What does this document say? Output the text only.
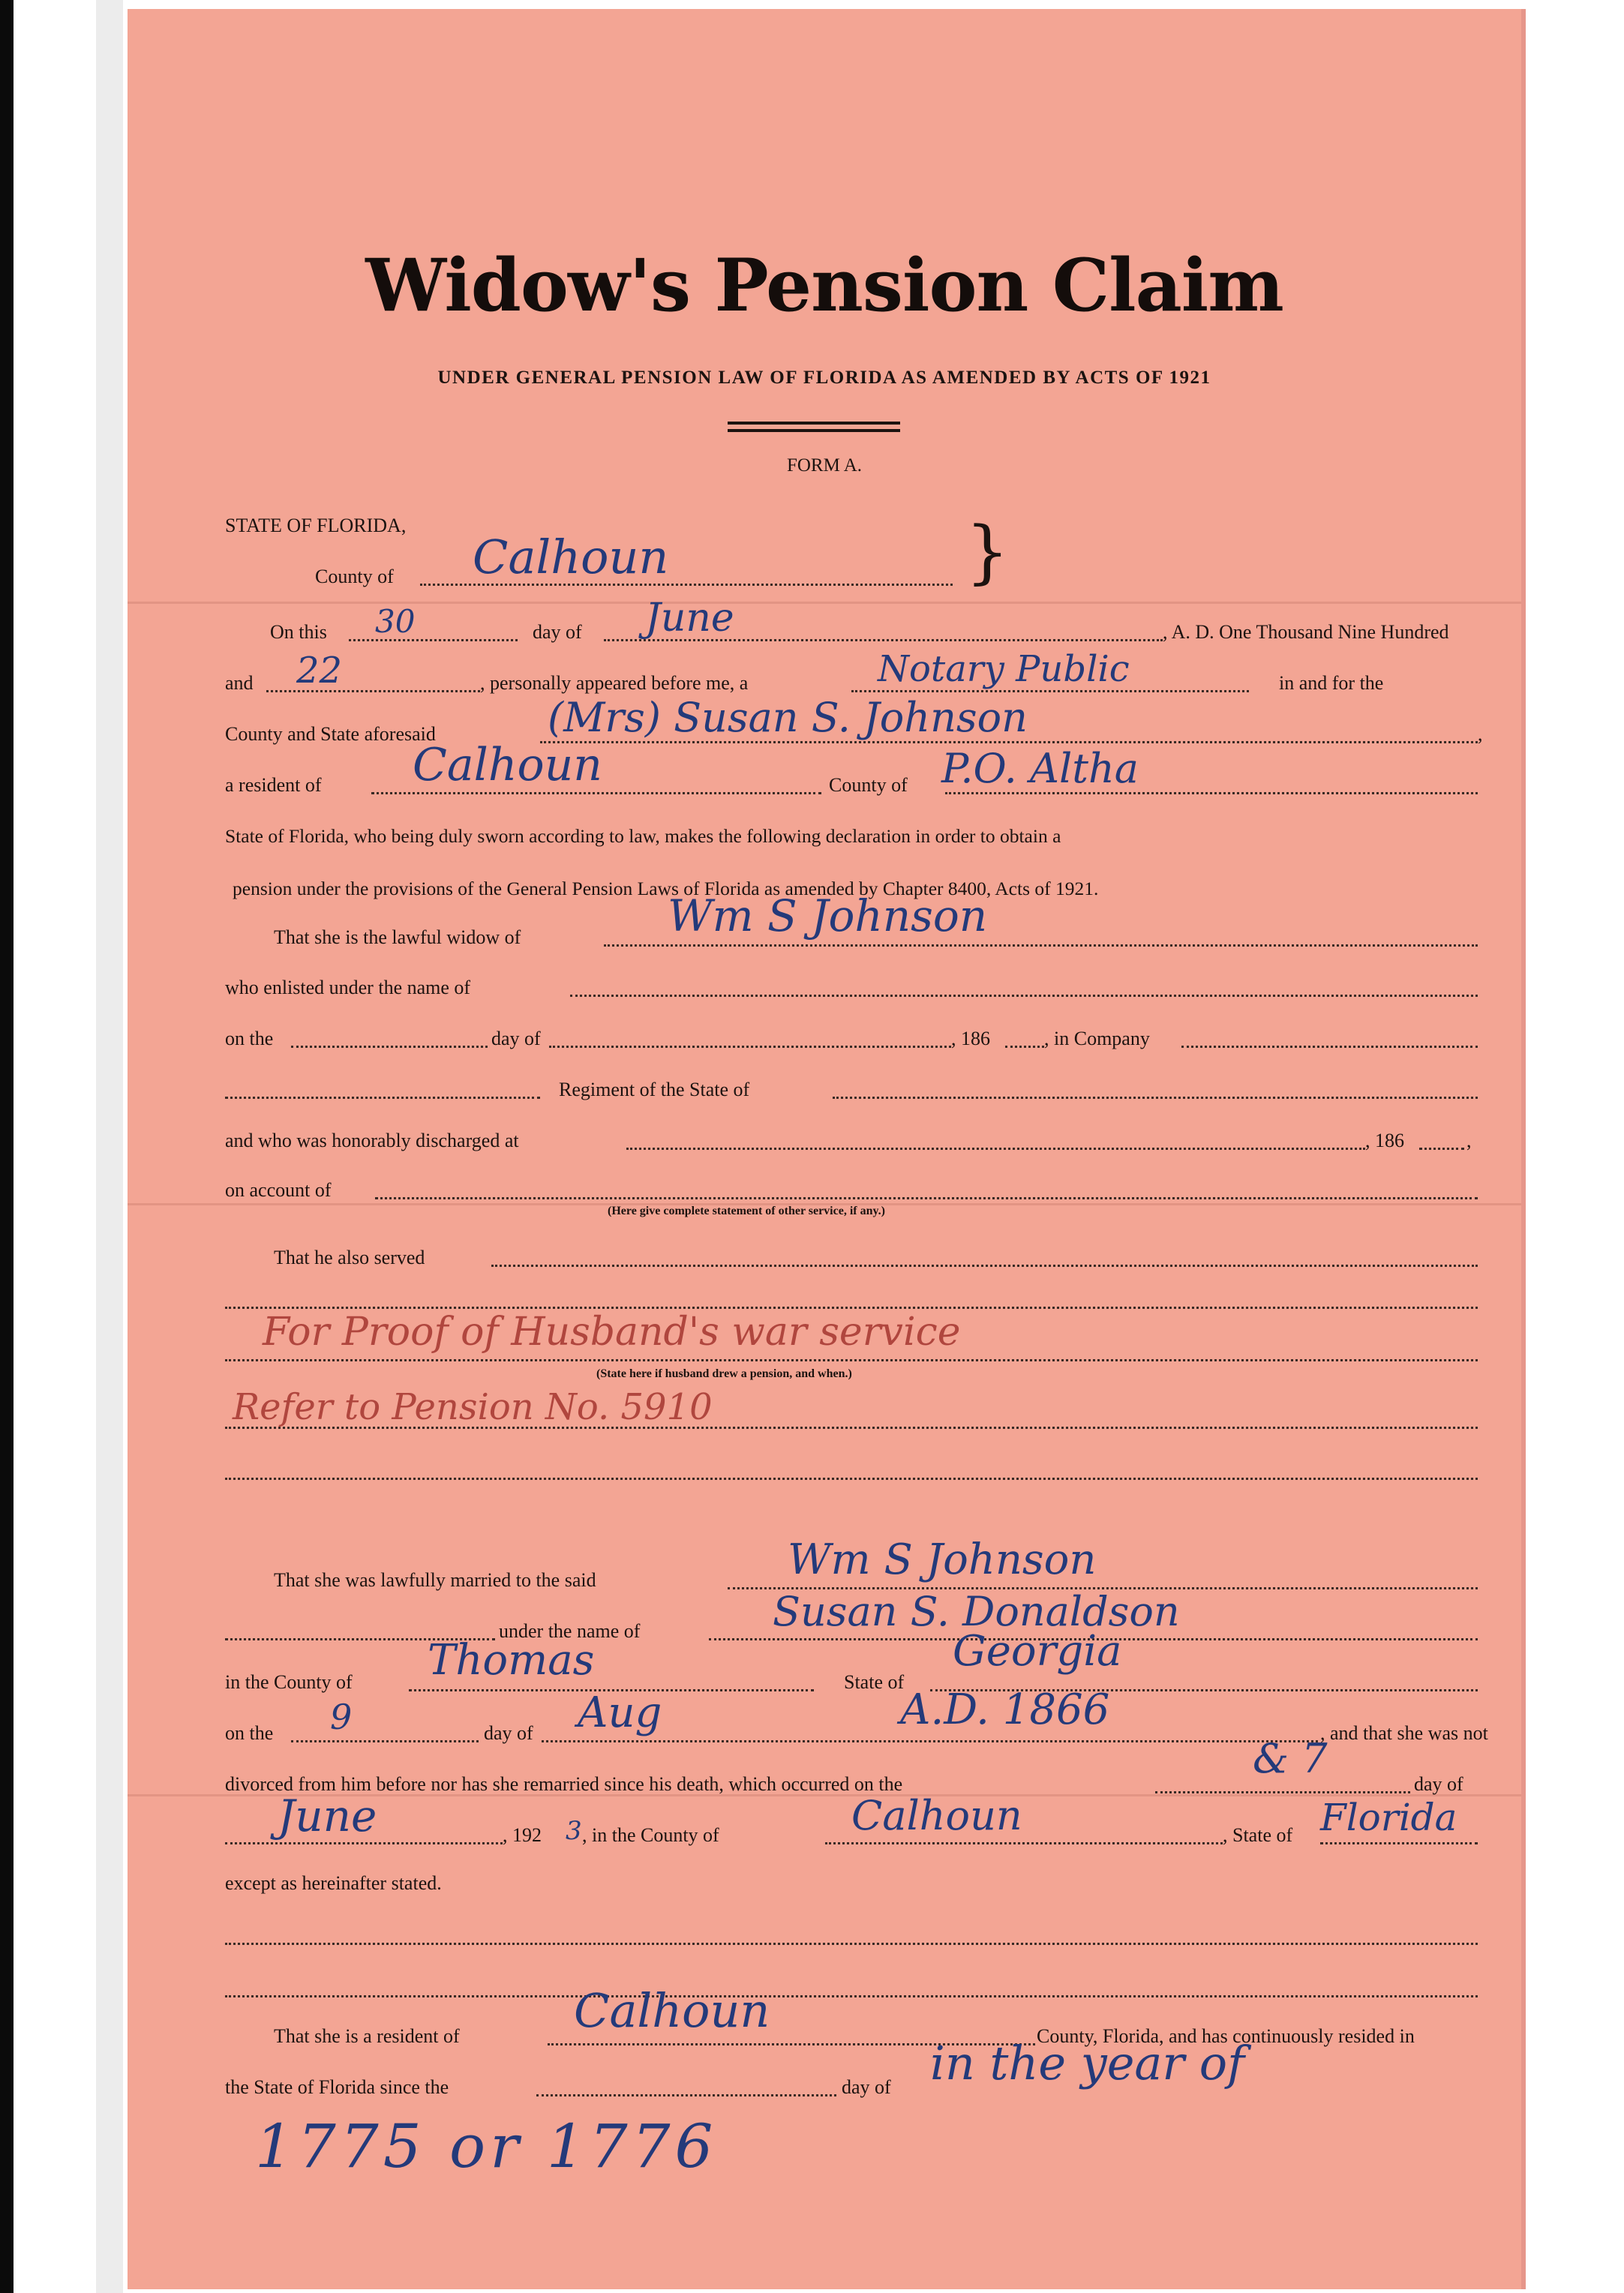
Widow's Pension Claim
UNDER GENERAL PENSION LAW OF FLORIDA AS AMENDED BY ACTS OF 1921
FORM A.
STATE OF FLORIDA,
County of Calhoun	}
On this 30	day of June	, A. D. One Thousand Nine Hundred
and 22	, personally appeared before me, a	Notary Public	in and for the
County and State aforesaid	(Mrs) Susan S. Johnson	,
a resident of Calhoun	County of P.O. Altha
State of Florida, who being duly sworn according to law, makes the following declaration in order to obtain a
pension under the provisions of the General Pension Laws of Florida as amended by Chapter 8400, Acts of 1921.
That she is the lawful widow of	Wm S Johnson
who enlisted under the name of
on the	day of	, 186	, in Company
Regiment of the State of
and who was honorably discharged at	, 186	,
on account of
(Here give complete statement of other service, if any.)
That he also served
For Proof of Husband's war service
(State here if husband drew a pension, and when.)
Refer to Pension No. 5910
That she was lawfully married to the said	Wm S Johnson
under the name of	Susan S. Donaldson
in the County of Thomas	State of
Georgia
on the 9	day of Aug	A.D. 1866	, and that she was not
divorced from him before nor has she remarried since his death, which occurred on the
& 7
day of
June	, 192 3 , in the County of	Calhoun	, State of Florida
except as hereinafter stated.
That she is a resident of Calhoun	County, Florida, and has continuously resided in
the State of Florida since the	day of in the year of
1775 or 1776
